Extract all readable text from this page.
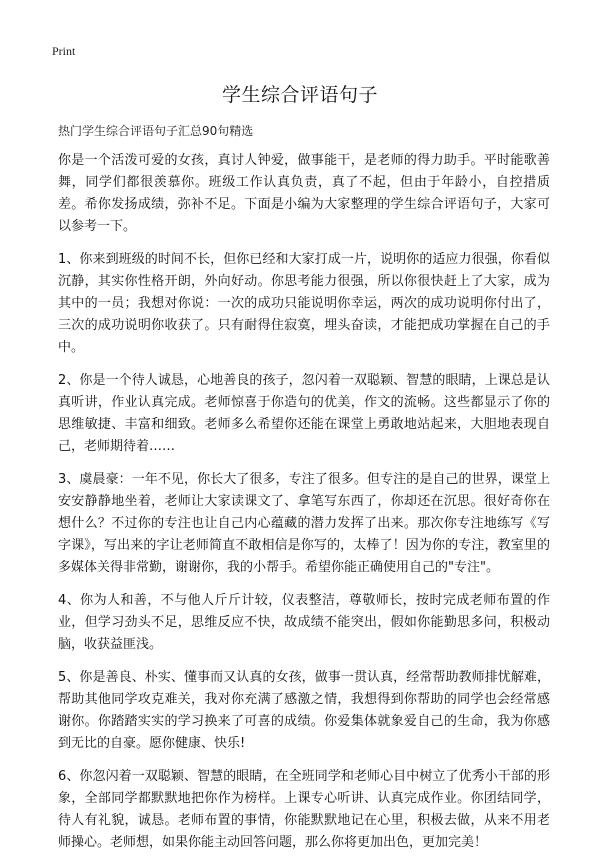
Print
学生综合评语句子
热门学生综合评语句子汇总90句精选

你是一个活泼可爱的女孩，真讨人钟爱，做事能干，是老师的得力助手。平时能歌善舞，同学们都很羡慕你。班级工作认真负责，真了不起，但由于年龄小，自控措质差。希你发扬成绩，弥补不足。下面是小编为大家整理的学生综合评语句子，大家可以参考一下。

1、你来到班级的时间不长，但你已经和大家打成一片，说明你的适应力很强，你看似沉静，其实你性格开朗，外向好动。你思考能力很强，所以你很快赶上了大家，成为其中的一员；我想对你说：一次的成功只能说明你幸运，两次的成功说明你付出了，三次的成功说明你收获了。只有耐得住寂寞，埋头奋读，才能把成功掌握在自己的手中。

2、你是一个待人诚恳，心地善良的孩子，忽闪着一双聪颖、智慧的眼睛，上课总是认真听讲，作业认真完成。老师惊喜于你造句的优美，作文的流畅。这些都显示了你的思维敏捷、丰富和细致。老师多么希望你还能在课堂上勇敢地站起来，大胆地表现自己，老师期待着……

3、虞晨豪：一年不见，你长大了很多，专注了很多。但专注的是自己的世界，课堂上安安静静地坐着，老师让大家读课文了、拿笔写东西了，你却还在沉思。很好奇你在想什么？不过你的专注也让自己内心蕴藏的潜力发挥了出来。那次你专注地练写《写字课》，写出来的字让老师简直不敢相信是你写的，太棒了！因为你的专注，教室里的多媒体关得非常勤，谢谢你，我的小帮手。希望你能正确使用自己的"专注"。

4、你为人和善，不与他人斤斤计较，仪表整洁，尊敬师长，按时完成老师布置的作业，但学习劲头不足，思维反应不快，故成绩不能突出，假如你能勤思多问，积极动脑，收获益匪浅。

5、你是善良、朴实、懂事而又认真的女孩，做事一贯认真，经常帮助教师排忧解难，帮助其他同学攻克难关，我对你充满了感激之情，我想得到你帮助的同学也会经常感谢你。你踏踏实实的学习换来了可喜的成绩。你爱集体就象爱自己的生命，我为你感到无比的自豪。愿你健康、快乐!

6、你忽闪着一双聪颖、智慧的眼睛，在全班同学和老师心目中树立了优秀小干部的形象，全部同学都默默地把你作为榜样。上课专心听讲、认真完成作业。你团结同学，待人有礼貌，诚恳。老师布置的事情，你能默默地记在心里，积极去做，从来不用老师操心。老师想，如果你能主动回答问题，那么你将更加出色，更加完美！
